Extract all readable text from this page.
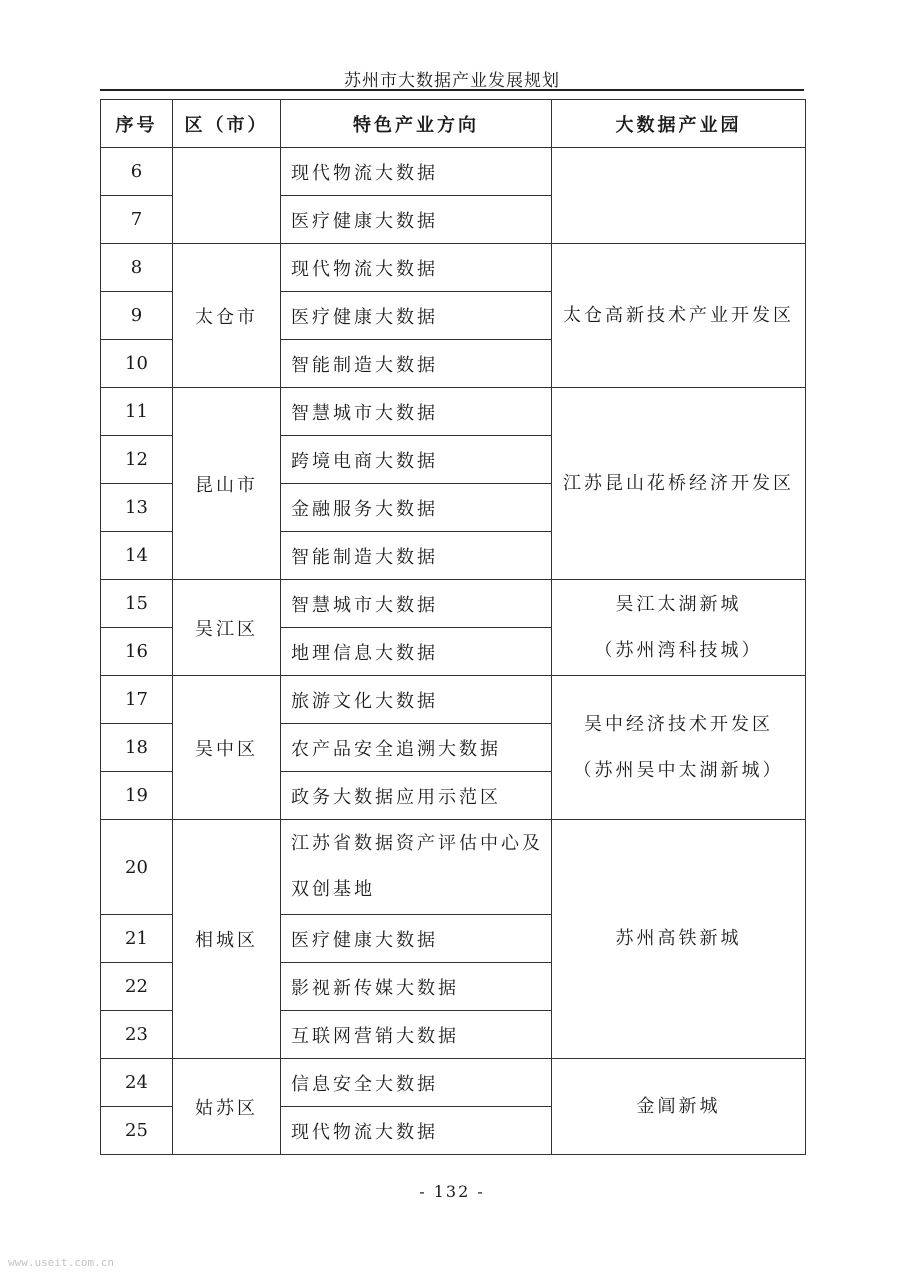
苏州市大数据产业发展规划
序号	区（市）	特色产业方向	大数据产业园
6		现代物流大数据	
7		医疗健康大数据	
8	太仓市	现代物流大数据	太仓高新技术产业开发区

9		医疗健康大数据	
10		智能制造大数据	
11	昆山市	智慧城市大数据	江苏昆山花桥经济开发区

12		跨境电商大数据	
13		金融服务大数据	
14		智能制造大数据	
15	吴江区	智慧城市大数据	吴江太湖新城
（苏州湾科技城）

16		地理信息大数据	
17	吴中区	旅游文化大数据	吴中经济技术开发区
（苏州吴中太湖新城）

18		农产品安全追溯大数据	
19		政务大数据应用示范区	
20	相城区	江苏省数据资产评估中心及双创基地	苏州高铁新城

21		医疗健康大数据	
22		影视新传媒大数据	
23		互联网营销大数据	
24	姑苏区	信息安全大数据	金阊新城

25		现代物流大数据	
- 132 -
www.useit.com.cn
